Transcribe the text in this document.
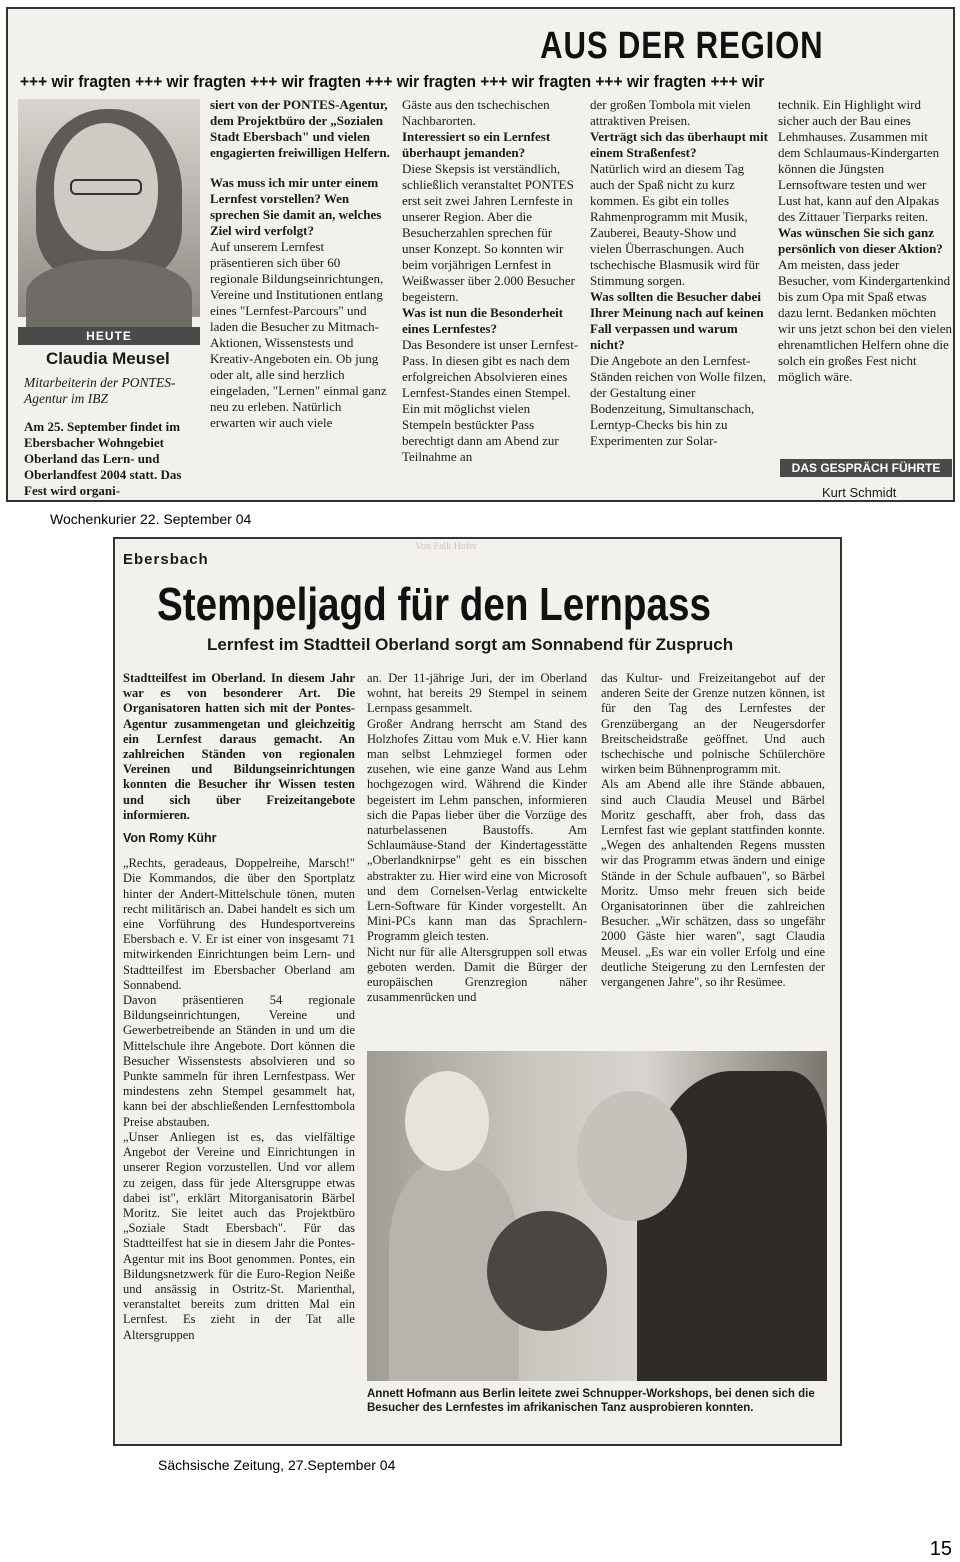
AUS DER REGION
+++ wir fragten +++ wir fragten +++ wir fragten +++ wir fragten +++ wir fragten +++ wir fragten +++ wir
HEUTE
Claudia Meusel
Mitarbeiterin der PONTES-Agentur im IBZ
Am 25. September findet im Ebersbacher Wohngebiet Oberland das Lern- und Oberlandfest 2004 statt. Das Fest wird organi-

siert von der PONTES-Agentur, dem Projektbüro der „Sozialen Stadt Ebersbach" und vielen engagierten freiwilligen Helfern.

Was muss ich mir unter einem Lernfest vorstellen? Wen sprechen Sie damit an, welches Ziel wird verfolgt?

Auf unserem Lernfest präsentieren sich über 60 regionale Bildungseinrichtungen, Vereine und Institutionen entlang eines "Lernfest-Parcours" und laden die Besucher zu Mitmach-Aktionen, Wissenstests und Kreativ-Angeboten ein. Ob jung oder alt, alle sind herzlich eingeladen, "Lernen" einmal ganz neu zu erleben. Natürlich erwarten wir auch viele

Gäste aus den tschechischen Nachbarorten.

Interessiert so ein Lernfest überhaupt jemanden?

Diese Skepsis ist verständlich, schließlich veranstaltet PONTES erst seit zwei Jahren Lernfeste in unserer Region. Aber die Besucherzahlen sprechen für unser Konzept. So konnten wir beim vorjährigen Lernfest in Weißwasser über 2.000 Besucher begeistern.

Was ist nun die Besonderheit eines Lernfestes?

Das Besondere ist unser Lernfest-Pass. In diesen gibt es nach dem erfolgreichen Absolvieren eines Lernfest-Standes einen Stempel. Ein mit möglichst vielen Stempeln bestückter Pass berechtigt dann am Abend zur Teilnahme an

der großen Tombola mit vielen attraktiven Preisen.

Verträgt sich das überhaupt mit einem Straßenfest?

Natürlich wird an diesem Tag auch der Spaß nicht zu kurz kommen. Es gibt ein tolles Rahmenprogramm mit Musik, Zauberei, Beauty-Show und vielen Überraschungen. Auch tschechische Blasmusik wird für Stimmung sorgen.

Was sollten die Besucher dabei Ihrer Meinung nach auf keinen Fall verpassen und warum nicht?

Die Angebote an den Lernfest-Ständen reichen von Wolle filzen, der Gestaltung einer Bodenzeitung, Simultanschach, Lerntyp-Checks bis hin zu Experimenten zur Solar-

technik. Ein Highlight wird sicher auch der Bau eines Lehmhauses. Zusammen mit dem Schlaumaus-Kindergarten können die Jüngsten Lernsoftware testen und wer Lust hat, kann auf den Alpakas des Zittauer Tierparks reiten.

Was wünschen Sie sich ganz persönlich von dieser Aktion?

Am meisten, dass jeder Besucher, vom Kindergartenkind bis zum Opa mit Spaß etwas dazu lernt. Bedanken möchten wir uns jetzt schon bei den vielen ehrenamtlichen Helfern ohne die solch ein großes Fest nicht möglich wäre.

DAS GESPRÄCH FÜHRTE
Kurt Schmidt
Wochenkurier 22. September 04
Von Falk Hofer
Ebersbach
Stempeljagd für den Lernpass
Lernfest im Stadtteil Oberland sorgt am Sonnabend für Zuspruch

Stadtteilfest im Oberland. In diesem Jahr war es von besonderer Art. Die Organisatoren hatten sich mit der Pontes-Agentur zusammengetan und gleichzeitig ein Lernfest daraus gemacht. An zahlreichen Ständen von regionalen Vereinen und Bildungseinrichtungen konnten die Besucher ihr Wissen testen und sich über Freizeitangebote informieren.

Von Romy Kühr

„Rechts, geradeaus, Doppelreihe, Marsch!" Die Kommandos, die über den Sportplatz hinter der Andert-Mittelschule tönen, muten recht militärisch an. Dabei handelt es sich um eine Vorführung des Hundesportvereins Ebersbach e. V. Er ist einer von insgesamt 71 mitwirkenden Einrichtungen beim Lern- und Stadtteilfest im Ebersbacher Oberland am Sonnabend.

Davon präsentieren 54 regionale Bildungseinrichtungen, Vereine und Gewerbetreibende an Ständen in und um die Mittelschule ihre Angebote. Dort können die Besucher Wissenstests absolvieren und so Punkte sammeln für ihren Lernfestpass. Wer mindestens zehn Stempel gesammelt hat, kann bei der abschließenden Lernfesttombola Preise abstauben.

„Unser Anliegen ist es, das vielfältige Angebot der Vereine und Einrichtungen in unserer Region vorzustellen. Und vor allem zu zeigen, dass für jede Altersgruppe etwas dabei ist", erklärt Mitorganisatorin Bärbel Moritz. Sie leitet auch das Projektbüro „Soziale Stadt Ebersbach". Für das Stadtteilfest hat sie in diesem Jahr die Pontes-Agentur mit ins Boot genommen. Pontes, ein Bildungsnetzwerk für die Euro-Region Neiße und ansässig in Ostritz-St. Marienthal, veranstaltet bereits zum dritten Mal ein Lernfest. Es zieht in der Tat alle Altersgruppen

an. Der 11-jährige Juri, der im Oberland wohnt, hat bereits 29 Stempel in seinem Lernpass gesammelt.

Großer Andrang herrscht am Stand des Holzhofes Zittau vom Muk e.V. Hier kann man selbst Lehmziegel formen oder zusehen, wie eine ganze Wand aus Lehm hochgezogen wird. Während die Kinder begeistert im Lehm panschen, informieren sich die Papas lieber über die Vorzüge des naturbelassenen Baustoffs. Am Schlaumäuse-Stand der Kindertagesstätte „Oberlandknirpse" geht es ein bisschen abstrakter zu. Hier wird eine von Microsoft und dem Cornelsen-Verlag entwickelte Lern-Software für Kinder vorgestellt. An Mini-PCs kann man das Sprachlern-Programm gleich testen.

Nicht nur für alle Altersgruppen soll etwas geboten werden. Damit die Bürger der europäischen Grenzregion näher zusammenrücken und

das Kultur- und Freizeitangebot auf der anderen Seite der Grenze nutzen können, ist für den Tag des Lernfestes der Grenzübergang an der Neugersdorfer Breitscheidstraße geöffnet. Und auch tschechische und polnische Schülerchöre wirken beim Bühnenprogramm mit.

Als am Abend alle ihre Stände abbauen, sind auch Claudia Meusel und Bärbel Moritz geschafft, aber froh, dass das Lernfest fast wie geplant stattfinden konnte. „Wegen des anhaltenden Regens mussten wir das Programm etwas ändern und einige Stände in der Schule aufbauen", so Bärbel Moritz. Umso mehr freuen sich beide Organisatorinnen über die zahlreichen Besucher. „Wir schätzen, dass so ungefähr 2000 Gäste hier waren", sagt Claudia Meusel. „Es war ein voller Erfolg und eine deutliche Steigerung zu den Lernfesten der vergangenen Jahre", so ihr Resümee.

Annett Hofmann aus Berlin leitete zwei Schnupper-Workshops, bei denen sich die Besucher des Lernfestes im afrikanischen Tanz ausprobieren konnten.
Sächsische Zeitung, 27.September 04
15
